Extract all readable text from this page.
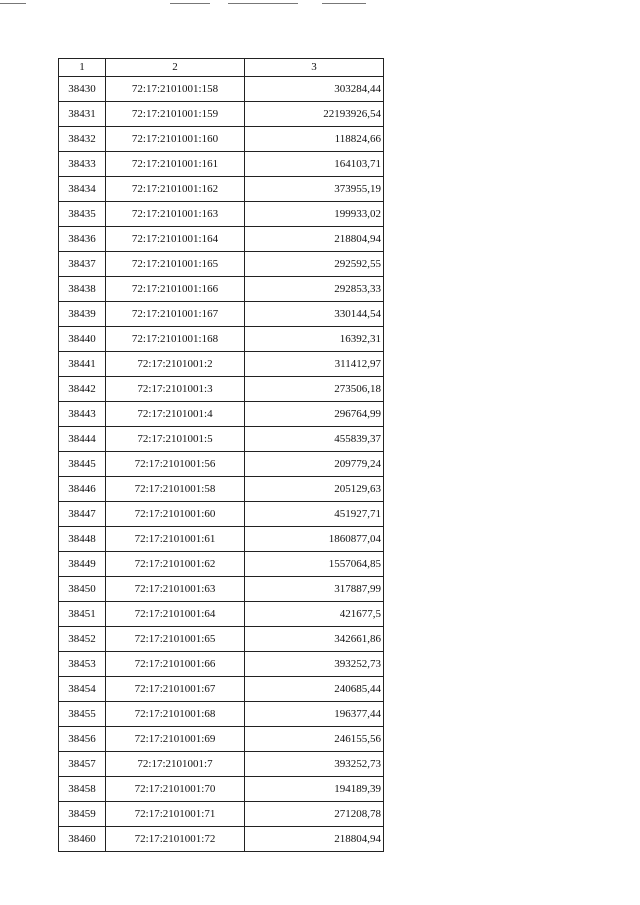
1	2	3
38430	72:17:2101001:158	303284,44
38431	72:17:2101001:159	22193926,54
38432	72:17:2101001:160	118824,66
38433	72:17:2101001:161	164103,71
38434	72:17:2101001:162	373955,19
38435	72:17:2101001:163	199933,02
38436	72:17:2101001:164	218804,94
38437	72:17:2101001:165	292592,55
38438	72:17:2101001:166	292853,33
38439	72:17:2101001:167	330144,54
38440	72:17:2101001:168	16392,31
38441	72:17:2101001:2	311412,97
38442	72:17:2101001:3	273506,18
38443	72:17:2101001:4	296764,99
38444	72:17:2101001:5	455839,37
38445	72:17:2101001:56	209779,24
38446	72:17:2101001:58	205129,63
38447	72:17:2101001:60	451927,71
38448	72:17:2101001:61	1860877,04
38449	72:17:2101001:62	1557064,85
38450	72:17:2101001:63	317887,99
38451	72:17:2101001:64	421677,5
38452	72:17:2101001:65	342661,86
38453	72:17:2101001:66	393252,73
38454	72:17:2101001:67	240685,44
38455	72:17:2101001:68	196377,44
38456	72:17:2101001:69	246155,56
38457	72:17:2101001:7	393252,73
38458	72:17:2101001:70	194189,39
38459	72:17:2101001:71	271208,78
38460	72:17:2101001:72	218804,94
